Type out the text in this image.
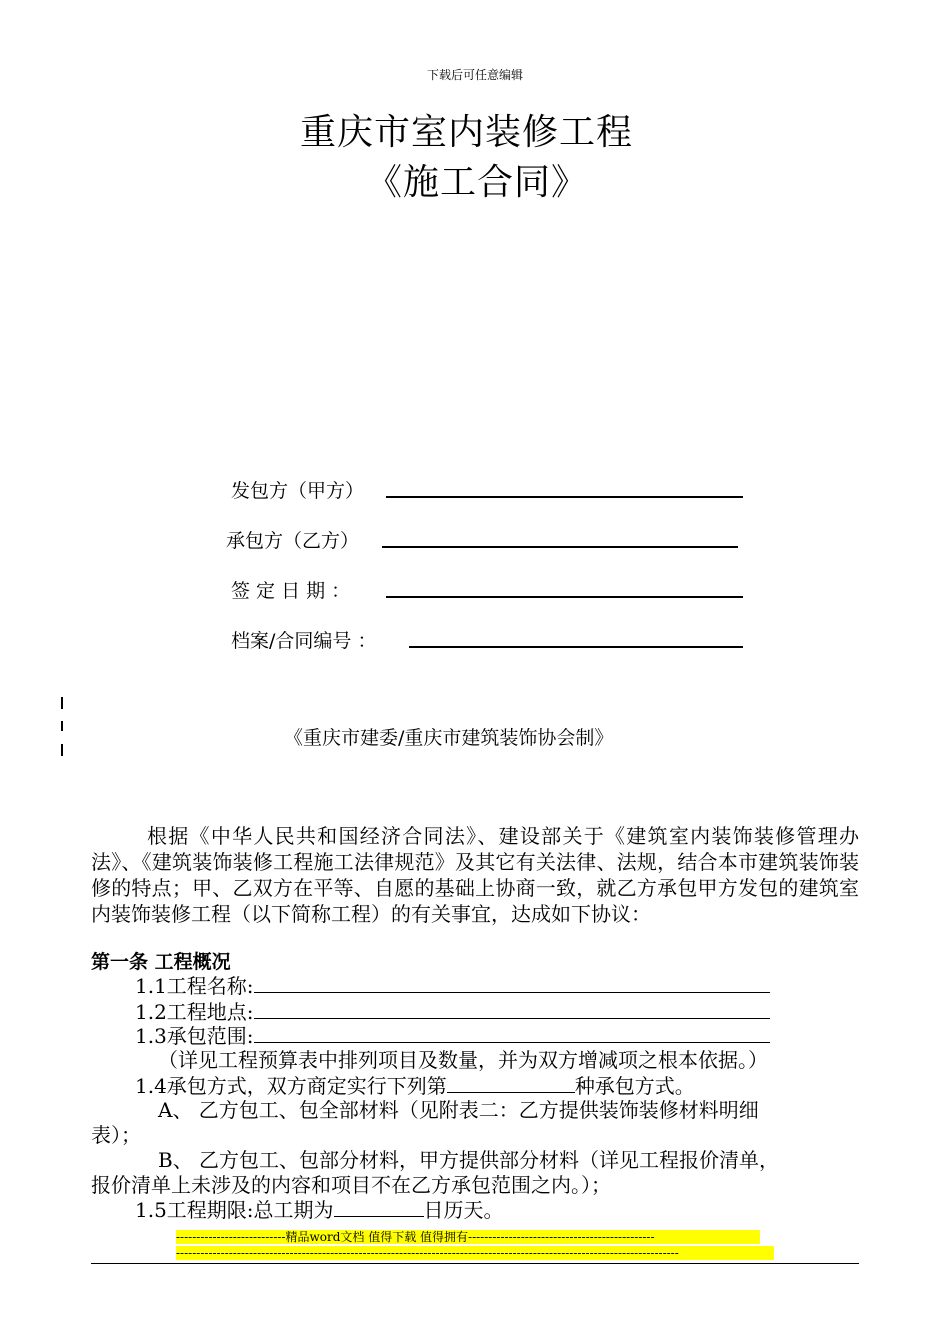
下载后可任意编辑
重庆市室内装修工程
《施工合同》
发包方（甲方）
承包方（乙方）
签 定 日 期 ：
档案/合同编号 ：
《重庆市建委/重庆市建筑装饰协会制》
根据《中华人民共和国经济合同法》、建设部关于《建筑室内装饰装修管理办法》、《建筑装饰装修工程施工法律规范》及其它有关法律、法规，结合本市建筑装饰装修的特点；甲、乙双方在平等、自愿的基础上协商一致，就乙方承包甲方发包的建筑室内装饰装修工程（以下简称工程）的有关事宜，达成如下协议：
第一条 工程概况
1.1工程名称:
1.2工程地点:
1.3承包范围:
（详见工程预算表中排列项目及数量，并为双方增减项之根本依据。）
1.4承包方式，双方商定实行下列第	种承包方式。
A、 乙方包工、包全部材料（见附表二：乙方提供装饰装修材料明细
表）；
B、 乙方包工、包部分材料，甲方提供部分材料（详见工程报价清单，
报价清单上未涉及的内容和项目不在乙方承包范围之内。）；
1.5工程期限:总工期为	日历天。
---------------------------精品word文档 值得下载 值得拥有----------------------------------------------
----------------------------------------------------------------------------------------------------------------------------
